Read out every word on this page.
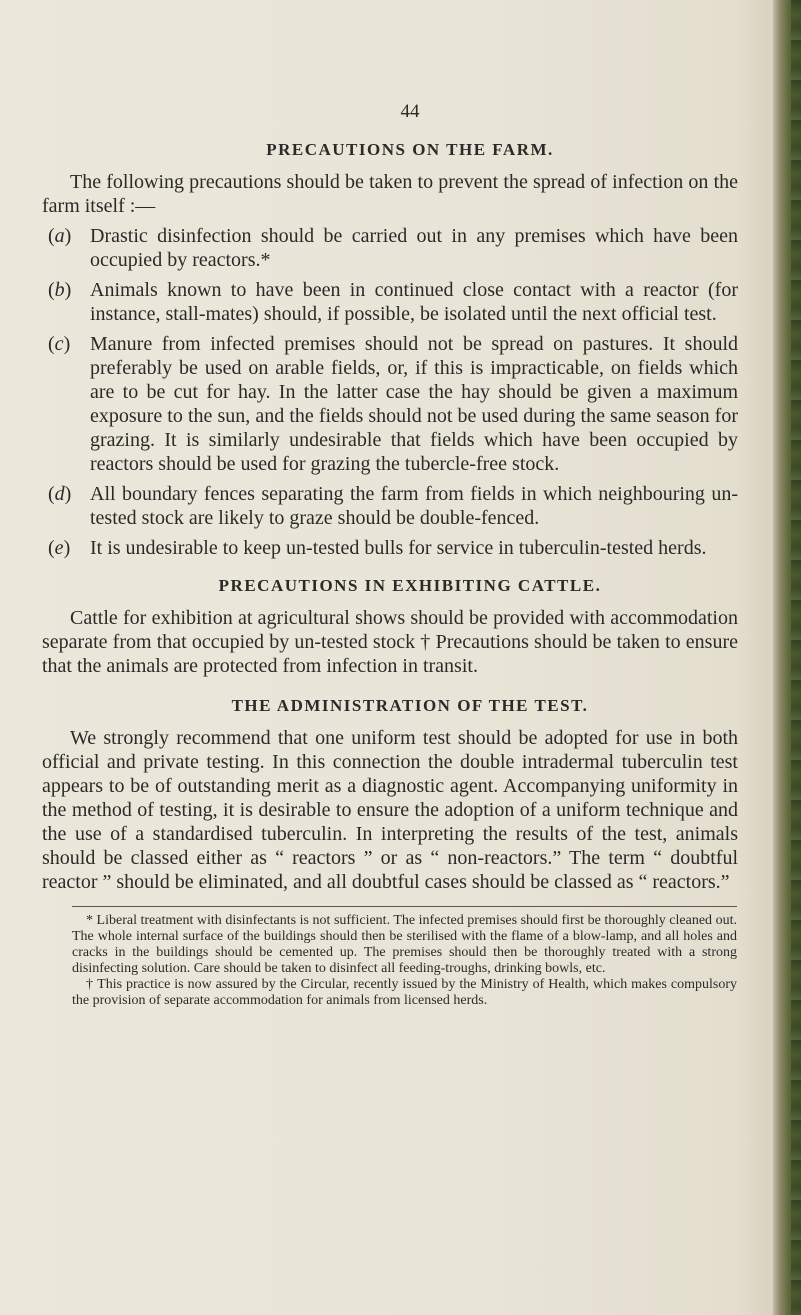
44
PRECAUTIONS ON THE FARM.

The following precautions should be taken to prevent the spread of infection on the farm itself :—

(a) Drastic disinfection should be carried out in any premises which have been occupied by reactors.*
(b) Animals known to have been in continued close contact with a reactor (for instance, stall-mates) should, if possible, be isolated until the next official test.
(c) Manure from infected premises should not be spread on pastures. It should preferably be used on arable fields, or, if this is impracticable, on fields which are to be cut for hay. In the latter case the hay should be given a maximum exposure to the sun, and the fields should not be used during the same season for grazing. It is similarly undesirable that fields which have been occupied by reactors should be used for grazing the tubercle-free stock.
(d) All boundary fences separating the farm from fields in which neighbouring un-tested stock are likely to graze should be double-fenced.
(e) It is undesirable to keep un-tested bulls for service in tuberculin-tested herds.
PRECAUTIONS IN EXHIBITING CATTLE.

Cattle for exhibition at agricultural shows should be provided with accommodation separate from that occupied by un-tested stock † Precautions should be taken to ensure that the animals are protected from infection in transit.

THE ADMINISTRATION OF THE TEST.

We strongly recommend that one uniform test should be adopted for use in both official and private testing. In this connection the double intradermal tuberculin test appears to be of outstanding merit as a diagnostic agent. Accompanying uniformity in the method of testing, it is desirable to ensure the adoption of a uniform technique and the use of a standardised tuberculin. In interpreting the results of the test, animals should be classed either as “ reactors ” or as “ non-reactors.” The term “ doubtful reactor ” should be eliminated, and all doubtful cases should be classed as “ reactors.”

* Liberal treatment with disinfectants is not sufficient. The infected premises should first be thoroughly cleaned out. The whole internal surface of the buildings should then be sterilised with the flame of a blow-lamp, and all holes and cracks in the buildings should be cemented up. The premises should then be thoroughly treated with a strong disinfecting solution. Care should be taken to disinfect all feeding-troughs, drinking bowls, etc.
† This practice is now assured by the Circular, recently issued by the Ministry of Health, which makes compulsory the provision of separate accommodation for animals from licensed herds.
